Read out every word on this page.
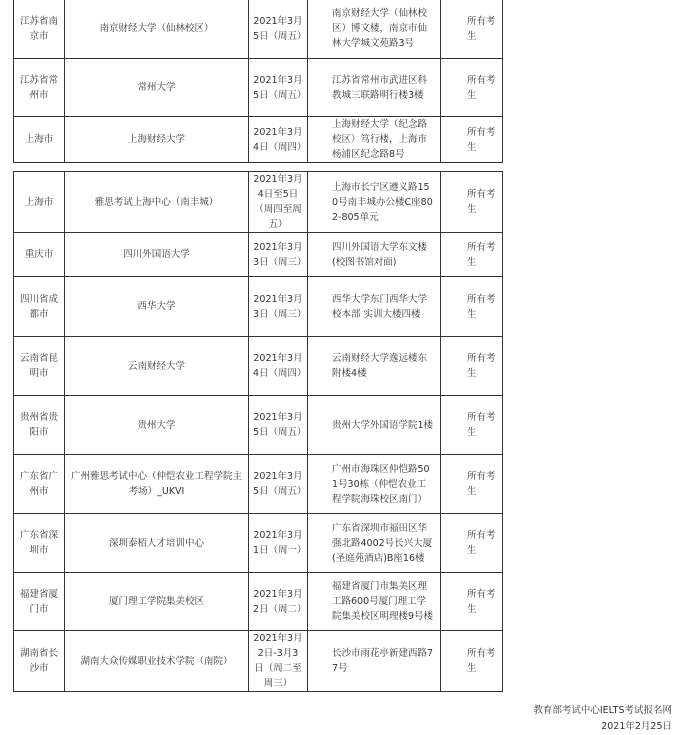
江苏省南京市	南京财经大学（仙林校区）	2021年3月5日（周五）	南京财经大学（仙林校区）博文楼，南京市仙林大学城文苑路3号	所有考生
江苏省常州市	常州大学	2021年3月5日（周五）	江苏省常州市武进区科教城三联路明行楼3楼	所有考生
上海市	上海财经大学	2021年3月4日（周四）	上海财经大学（纪念路校区）笃行楼，上海市杨浦区纪念路8号	所有考生
上海市	雅思考试上海中心（南丰城）	2021年3月4日至5日（周四至周五）	上海市长宁区遵义路150号南丰城办公楼C座802-805单元	所有考生
重庆市	四川外国语大学	2021年3月3日（周三）	四川外国语大学东文楼(校图书馆对面)	所有考生
四川省成都市	西华大学	2021年3月3日（周三）	西华大学东门西华大学校本部 实训大楼四楼	所有考生
云南省昆明市	云南财经大学	2021年3月4日（周四）	云南财经大学逸远楼东附楼4楼	所有考生
贵州省贵阳市	贵州大学	2021年3月5日（周五）	贵州大学外国语学院1楼	所有考生
广东省广州市	广州雅思考试中心（仲恺农业工程学院主考场）_UKVI	2021年3月5日（周五）	广州市海珠区仲恺路501号30栋（仲恺农业工程学院海珠校区南门）	所有考生
广东省深圳市	深圳泰栢人才培训中心	2021年3月1日（周一）	广东省深圳市福田区华强北路4002号长兴大厦(圣庭苑酒店)B座16楼	所有考生
福建省厦门市	厦门理工学院集美校区	2021年3月2日（周二）	福建省厦门市集美区理工路600号厦门理工学院集美校区明理楼9号楼	所有考生
湖南省长沙市	湖南大众传媒职业技术学院（南院）	2021年3月2日-3月3日（周二至周三）	长沙市雨花亭新建西路77号	所有考生
教育部考试中心IELTS考试报名网
2021年2月25日
